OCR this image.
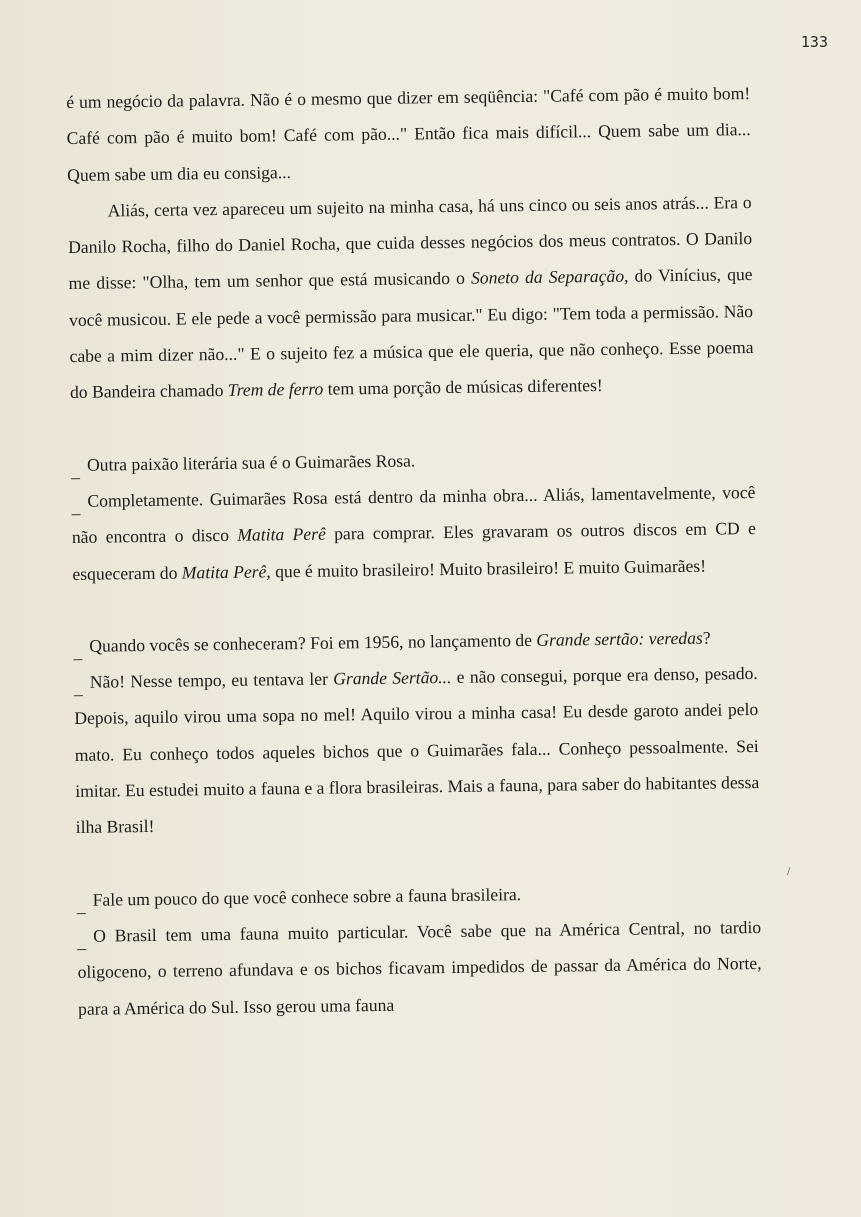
133

é um negócio da palavra. Não é o mesmo que dizer em seqüência: "Café com pão é muito bom! Café com pão é muito bom! Café com pão..." Então fica mais difícil... Quem sabe um dia... Quem sabe um dia eu consiga...

Aliás, certa vez apareceu um sujeito na minha casa, há uns cinco ou seis anos atrás... Era o Danilo Rocha, filho do Daniel Rocha, que cuida desses negócios dos meus contratos. O Danilo me disse: "Olha, tem um senhor que está musicando o Soneto da Separação, do Vinícius, que você musicou. E ele pede a você permissão para musicar." Eu digo: "Tem toda a permissão. Não cabe a mim dizer não..." E o sujeito fez a música que ele queria, que não conheço. Esse poema do Bandeira chamado Trem de ferro tem uma porção de músicas diferentes!

_Outra paixão literária sua é o Guimarães Rosa.

_Completamente. Guimarães Rosa está dentro da minha obra... Aliás, lamentavelmente, você não encontra o disco Matita Perê para comprar. Eles gravaram os outros discos em CD e esqueceram do Matita Perê, que é muito brasileiro! Muito brasileiro! E muito Guimarães!

_Quando vocês se conheceram? Foi em 1956, no lançamento de Grande sertão: veredas?

_Não! Nesse tempo, eu tentava ler Grande Sertão... e não consegui, porque era denso, pesado. Depois, aquilo virou uma sopa no mel! Aquilo virou a minha casa! Eu desde garoto andei pelo mato. Eu conheço todos aqueles bichos que o Guimarães fala... Conheço pessoalmente. Sei imitar. Eu estudei muito a fauna e a flora brasileiras. Mais a fauna, para saber do habitantes dessa ilha Brasil!

_Fale um pouco do que você conhece sobre a fauna brasileira.

_O Brasil tem uma fauna muito particular. Você sabe que na América Central, no tardio oligoceno, o terreno afundava e os bichos ficavam impedidos de passar da América do Norte, para a América do Sul. Isso gerou uma fauna

/
